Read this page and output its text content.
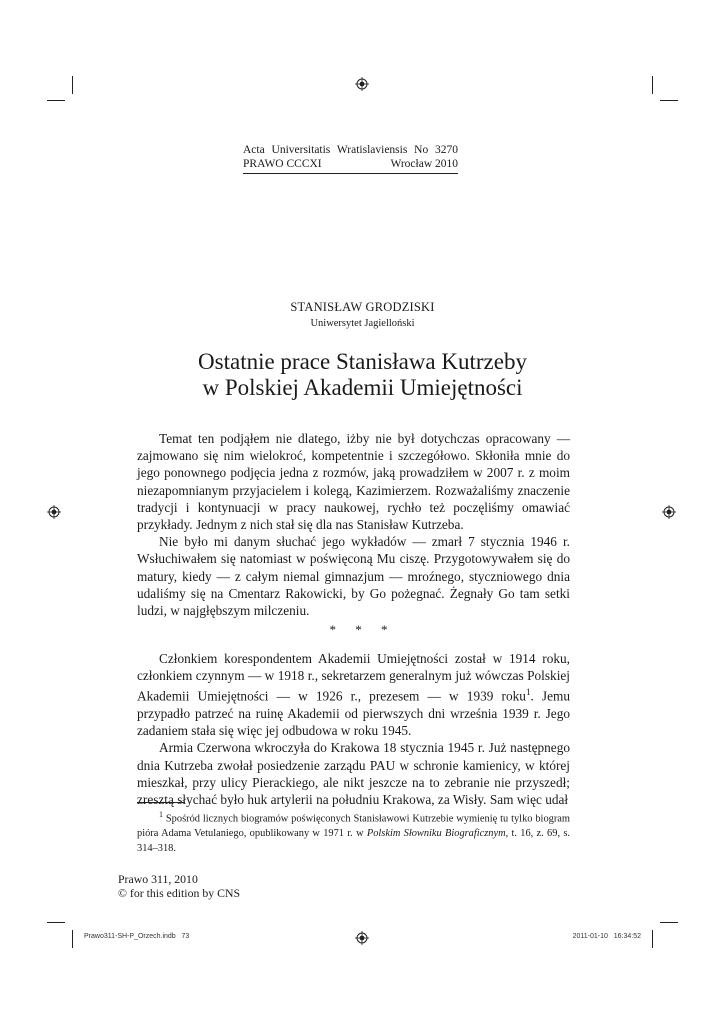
Acta Universitatis Wratislaviensis No 3270
PRAWO CCCXI	Wrocław 2010
STANISŁAW GRODZISKI
Uniwersytet Jagielloński
Ostatnie prace Stanisława Kutrzeby
w Polskiej Akademii Umiejętności

Temat ten podjąłem nie dlatego, iżby nie był dotychczas opracowany — zajmowano się nim wielokroć, kompetentnie i szczegółowo. Skłoniła mnie do jego ponownego podjęcia jedna z rozmów, jaką prowadziłem w 2007 r. z moim niezapomnianym przyjacielem i kolegą, Kazimierzem. Rozważaliśmy znaczenie tradycji i kontynuacji w pracy naukowej, rychło też poczęliśmy omawiać przykłady. Jednym z nich stał się dla nas Stanisław Kutrzeba.

Nie było mi danym słuchać jego wykładów — zmarł 7 stycznia 1946 r. Wsłuchiwałem się natomiast w poświęconą Mu ciszę. Przygotowywałem się do matury, kiedy — z całym niemal gimnazjum — mroźnego, styczniowego dnia udaliśmy się na Cmentarz Rakowicki, by Go pożegnać. Żegnały Go tam setki ludzi, w najgłębszym milczeniu.

* * *

Członkiem korespondentem Akademii Umiejętności został w 1914 roku, członkiem czynnym — w 1918 r., sekretarzem generalnym już wówczas Polskiej Akademii Umiejętności — w 1926 r., prezesem — w 1939 roku$^1$. Jemu przypadło patrzeć na ruinę Akademii od pierwszych dni września 1939 r. Jego zadaniem stała się więc jej odbudowa w roku 1945.

Armia Czerwona wkroczyła do Krakowa 18 stycznia 1945 r. Już następnego dnia Kutrzeba zwołał posiedzenie zarządu PAU w schronie kamienicy, w której mieszkał, przy ulicy Pierackiego, ale nikt jeszcze na to zebranie nie przyszedł; zresztą słychać było huk artylerii na południu Krakowa, za Wisły. Sam więc udał

$^1$ Spośród licznych biogramów poświęconych Stanisławowi Kutrzebie wymienię tu tylko biogram pióra Adama Vetulaniego, opublikowany w 1971 r. w Polskim Słowniku Biograficznym, t. 16, z. 69, s. 314–318.
Prawo 311, 2010
© for this edition by CNS
Prawo311-SH-P_Orzech.indb   73	2011-01-10   16:34:52
